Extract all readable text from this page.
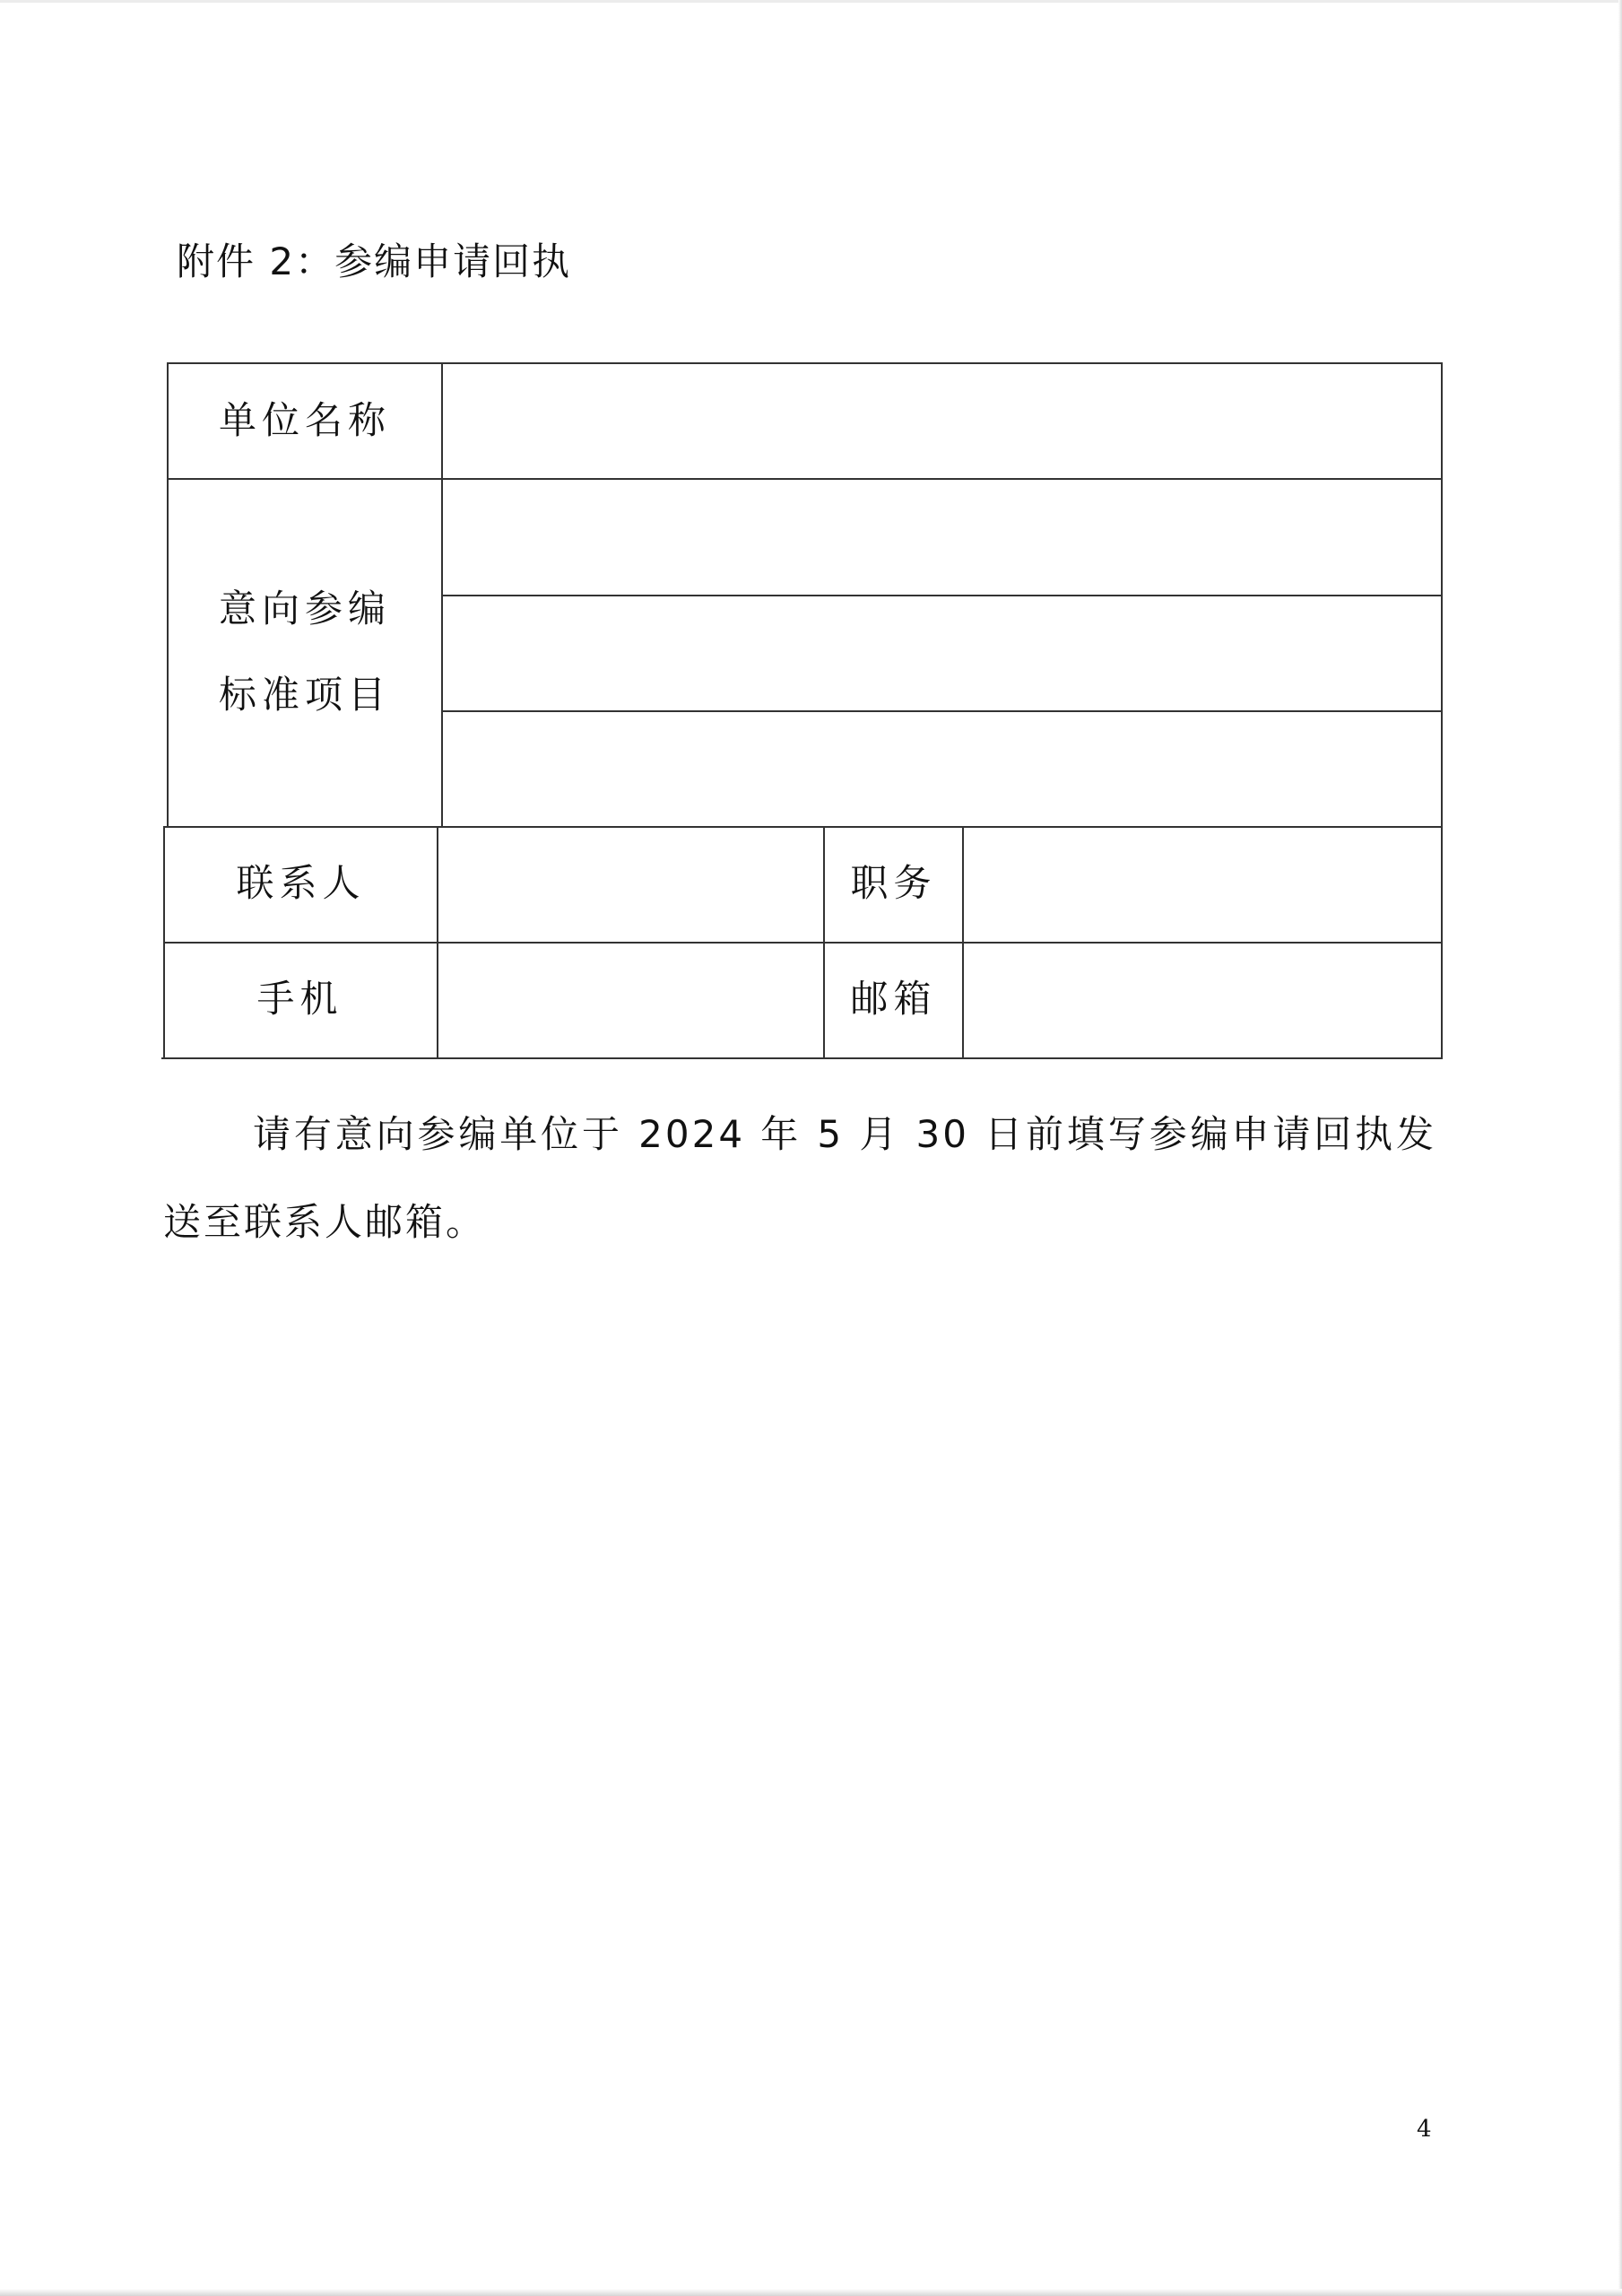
附件 2：参编申请回执
单位名称
意向参编
标准项目
联系人	职务
手机	邮箱
请有意向参编单位于 2024 年 5 月 30 日前填写参编申请回执发送至联系人邮箱。
4
